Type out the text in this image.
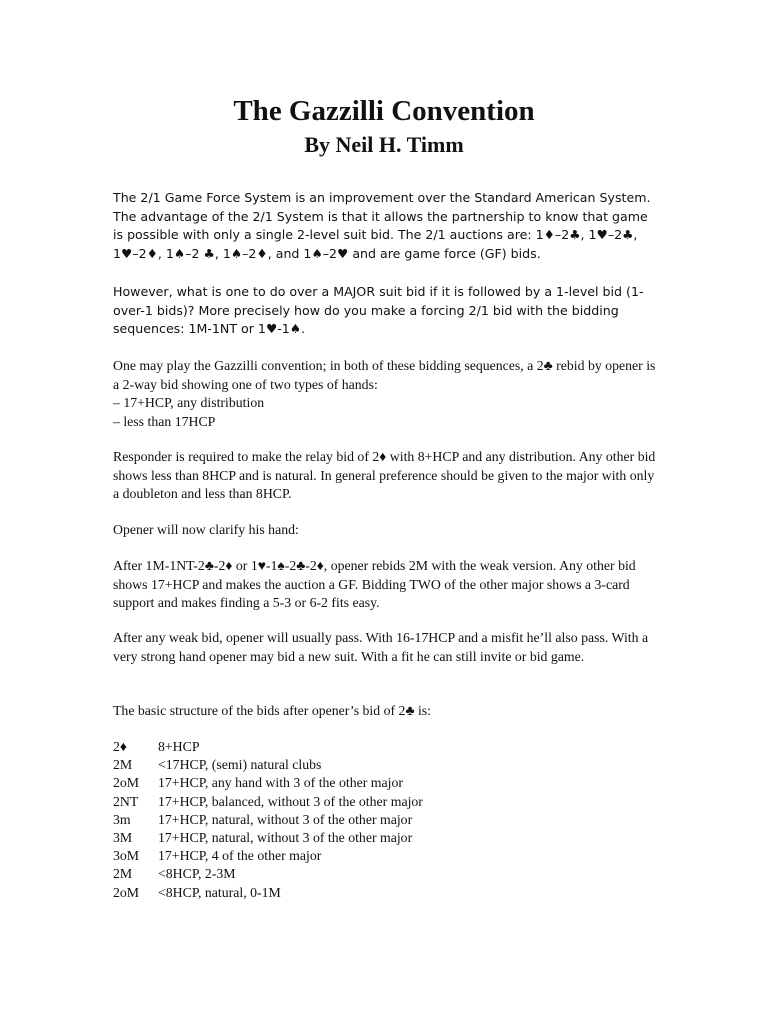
The Gazzilli Convention
By Neil H. Timm

The 2/1 Game Force System is an improvement over the Standard American System. The advantage of the 2/1 System is that it allows the partnership to know that game is possible with only a single 2-level suit bid. The 2/1 auctions are: 1♦–2♣, 1♥–2♣, 1♥–2♦, 1♠–2 ♣, 1♠–2♦, and 1♠–2♥ and are game force (GF) bids.

However, what is one to do over a MAJOR suit bid if it is followed by a 1-level bid (1-over-1 bids)? More precisely how do you make a forcing 2/1 bid with the bidding sequences: 1M-1NT or 1♥-1♠.

One may play the Gazzilli convention; in both of these bidding sequences, a 2♣ rebid by opener is a 2-way bid showing one of two types of hands:
– 17+HCP, any distribution
– less than 17HCP

Responder is required to make the relay bid of 2♦ with 8+HCP and any distribution. Any other bid shows less than 8HCP and is natural. In general preference should be given to the major with only a doubleton and less than 8HCP.

Opener will now clarify his hand:

After 1M-1NT-2♣-2♦ or 1♥-1♠-2♣-2♦, opener rebids 2M with the weak version. Any other bid shows 17+HCP and makes the auction a GF. Bidding TWO of the other major shows a 3-card support and makes finding a 5-3 or 6-2 fits easy.

After any weak bid, opener will usually pass. With 16-17HCP and a misfit he’ll also pass. With a very strong hand opener may bid a new suit. With a fit he can still invite or bid game.

The basic structure of the bids after opener’s bid of 2♣ is:

2♦ 8+HCP
2M <17HCP, (semi) natural clubs
2oM 17+HCP, any hand with 3 of the other major
2NT 17+HCP, balanced, without 3 of the other major
3m 17+HCP, natural, without 3 of the other major
3M 17+HCP, natural, without 3 of the other major
3oM 17+HCP, 4 of the other major
2M <8HCP, 2-3M
2oM <8HCP, natural, 0-1M
